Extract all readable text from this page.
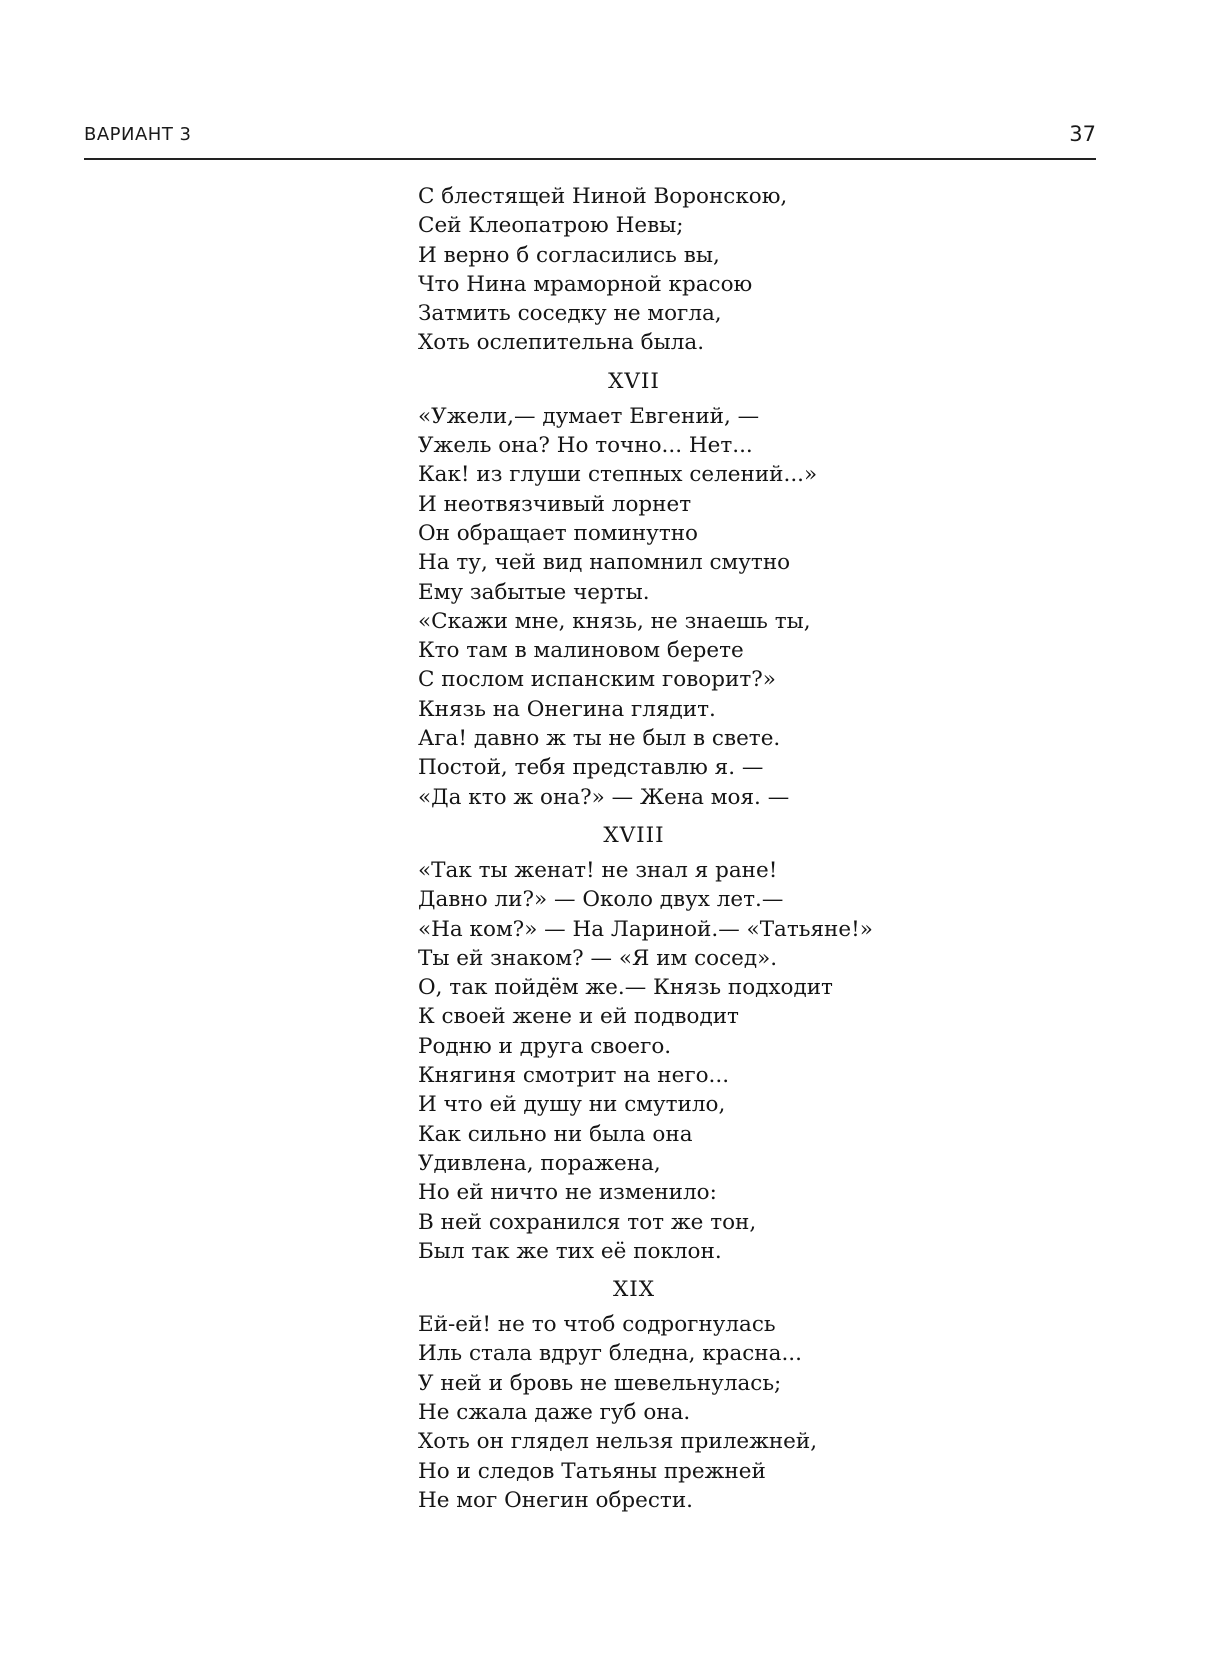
ВАРИАНТ 3	37
С блестящей Ниной Воронскою,
Сей Клеопатрою Невы;
И верно б согласились вы,
Что Нина мраморной красою
Затмить соседку не могла,
Хоть ослепительна была.
XVII
«Ужели,— думает Евгений, —
Ужель она? Но точно... Нет...
Как! из глуши степных селений...»
И неотвязчивый лорнет
Он обращает поминутно
На ту, чей вид напомнил смутно
Ему забытые черты.
«Скажи мне, князь, не знаешь ты,
Кто там в малиновом берете
С послом испанским говорит?»
Князь на Онегина глядит.
Ага! давно ж ты не был в свете.
Постой, тебя представлю я. —
«Да кто ж она?» — Жена моя. —
XVIII
«Так ты женат! не знал я ране!
Давно ли?» — Около двух лет.—
«На ком?» — На Лариной.— «Татьяне!»
Ты ей знаком? — «Я им сосед».
О, так пойдём же.— Князь подходит
К своей жене и ей подводит
Родню и друга своего.
Княгиня смотрит на него...
И что ей душу ни смутило,
Как сильно ни была она
Удивлена, поражена,
Но ей ничто не изменило:
В ней сохранился тот же тон,
Был так же тих её поклон.
XIX
Ей-ей! не то чтоб содрогнулась
Иль стала вдруг бледна, красна...
У ней и бровь не шевельнулась;
Не сжала даже губ она.
Хоть он глядел нельзя прилежней,
Но и следов Татьяны прежней
Не мог Онегин обрести.
